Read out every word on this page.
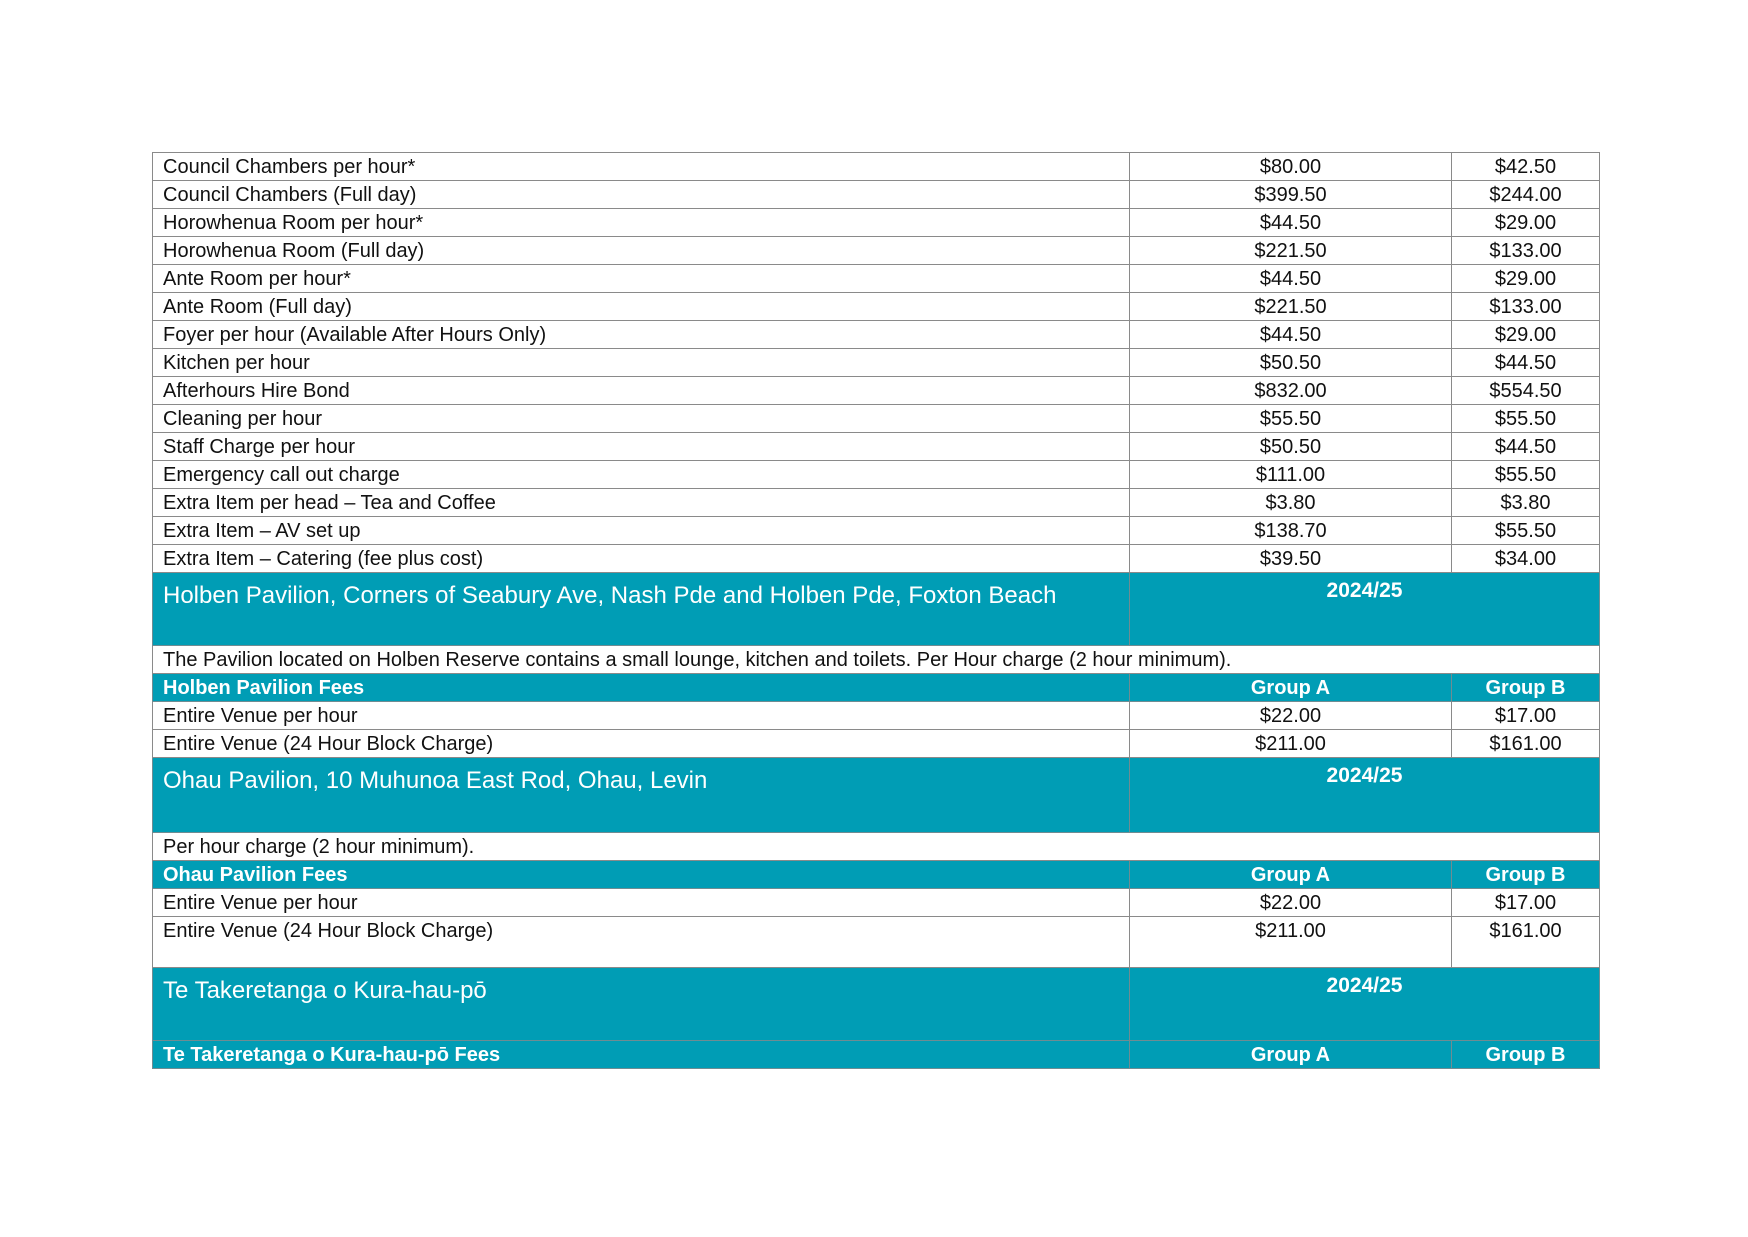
Council Chambers per hour*	$80.00	$42.50
Council Chambers (Full day)	$399.50	$244.00
Horowhenua Room per hour*	$44.50	$29.00
Horowhenua Room (Full day)	$221.50	$133.00
Ante Room per hour*	$44.50	$29.00
Ante Room (Full day)	$221.50	$133.00
Foyer per hour (Available After Hours Only)	$44.50	$29.00
Kitchen per hour	$50.50	$44.50
Afterhours Hire Bond	$832.00	$554.50
Cleaning per hour	$55.50	$55.50
Staff Charge per hour	$50.50	$44.50
Emergency call out charge	$111.00	$55.50
Extra Item per head – Tea and Coffee	$3.80	$3.80
Extra Item – AV set up	$138.70	$55.50
Extra Item – Catering (fee plus cost)	$39.50	$34.00
Holben Pavilion, Corners of Seabury Ave, Nash Pde and Holben Pde, Foxton Beach	2024/25	
The Pavilion located on Holben Reserve contains a small lounge, kitchen and toilets. Per Hour charge (2 hour minimum).		
Holben Pavilion Fees	Group A	Group B
Entire Venue per hour	$22.00	$17.00
Entire Venue (24 Hour Block Charge)	$211.00	$161.00
Ohau Pavilion, 10 Muhunoa East Rod, Ohau, Levin	2024/25	
Per hour charge (2 hour minimum).		
Ohau Pavilion Fees	Group A	Group B
Entire Venue per hour	$22.00	$17.00
Entire Venue (24 Hour Block Charge)	$211.00	$161.00
Te Takeretanga o Kura-hau-pō	2024/25	
Te Takeretanga o Kura-hau-pō Fees	Group A	Group B
